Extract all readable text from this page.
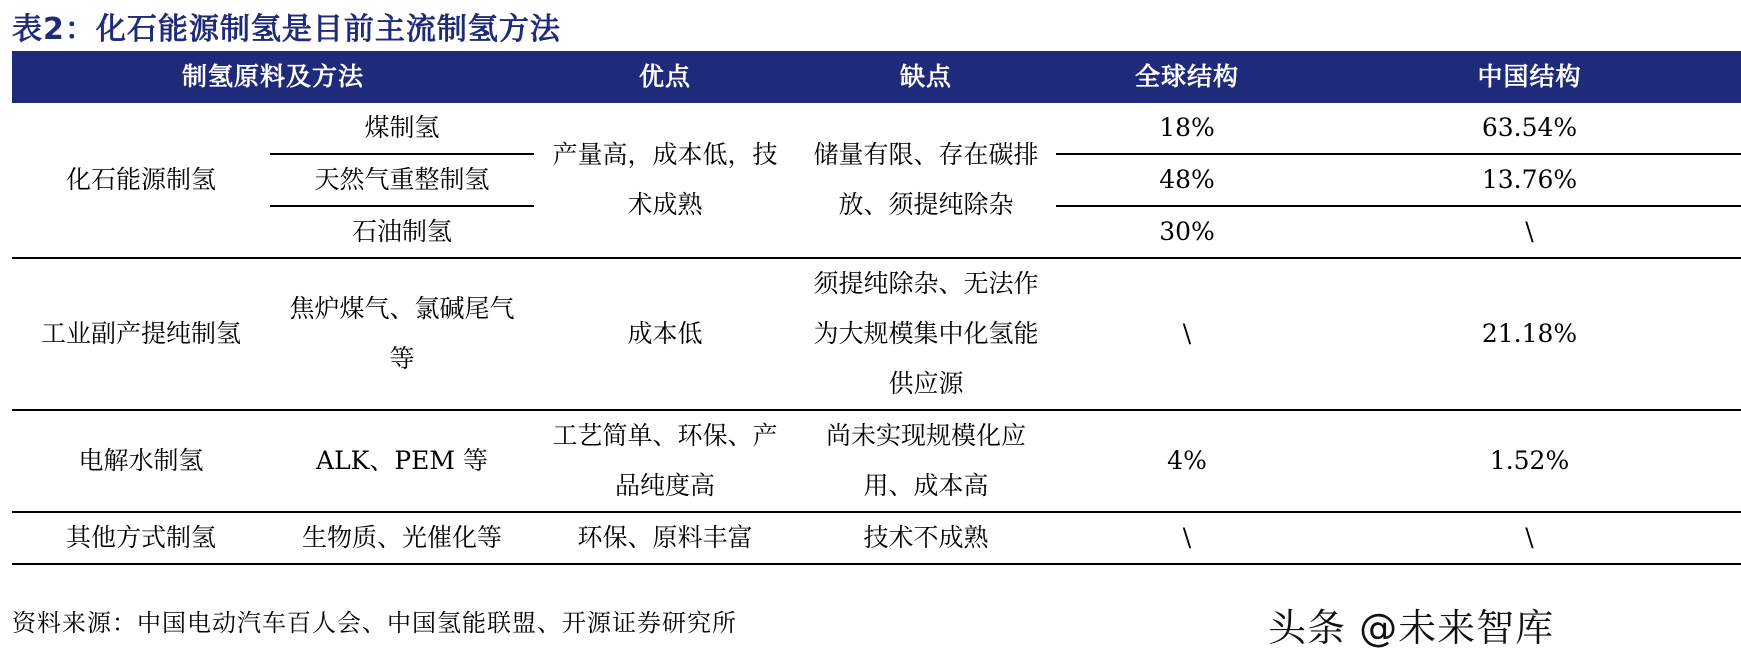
表2：化石能源制氢是目前主流制氢方法
制氢原料及方法		优点	缺点	全球结构	中国结构
化石能源制氢	煤制氢	产量高，成本低，技术成熟	储量有限、存在碳排放、须提纯除杂	18%	63.54%
	天然气重整制氢			48%	13.76%
	石油制氢			30%	\
工业副产提纯制氢	焦炉煤气、氯碱尾气等	成本低	须提纯除杂、无法作为大规模集中化氢能供应源	\	21.18%
电解水制氢	ALK、PEM 等	工艺简单、环保、产品纯度高	尚未实现规模化应用、成本高	4%	1.52%
其他方式制氢	生物质、光催化等	环保、原料丰富	技术不成熟	\	\
资料来源：中国电动汽车百人会、中国氢能联盟、开源证券研究所	头条 @未来智库
